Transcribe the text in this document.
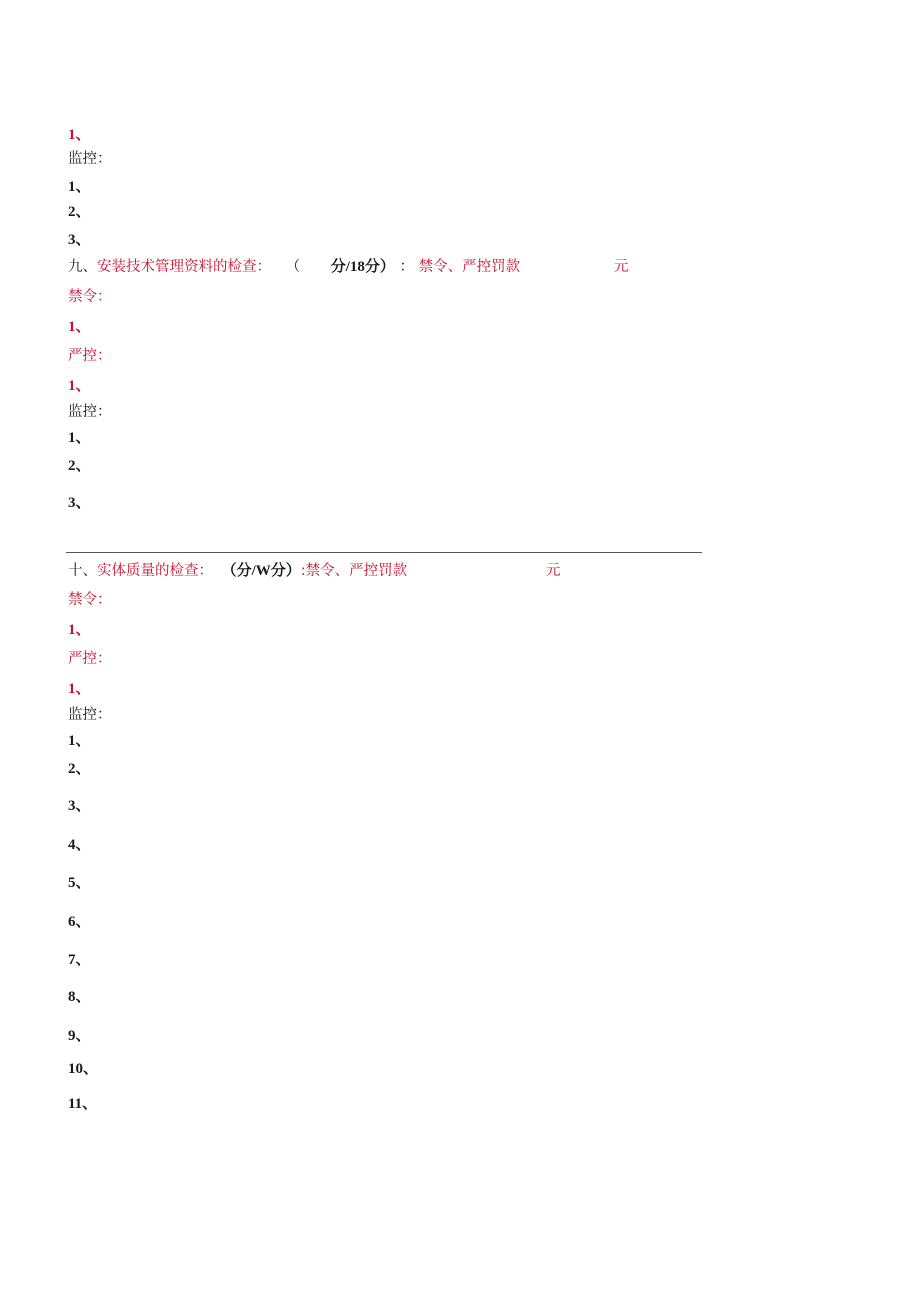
1、
监控：
1、
2、
3、
九、安装技术管理资料的检查： （ 分/18分） ： 禁令、严控罚款	元
禁令：
1、
严控：
1、
监控：
1、
2、
3、
十、实体质量的检查： （分/W分）:禁令、严控罚款	元
禁令：
1、
严控：
1、
监控：
1、
2、
3、
4、
5、
6、
7、
8、
9、
10、
11、
